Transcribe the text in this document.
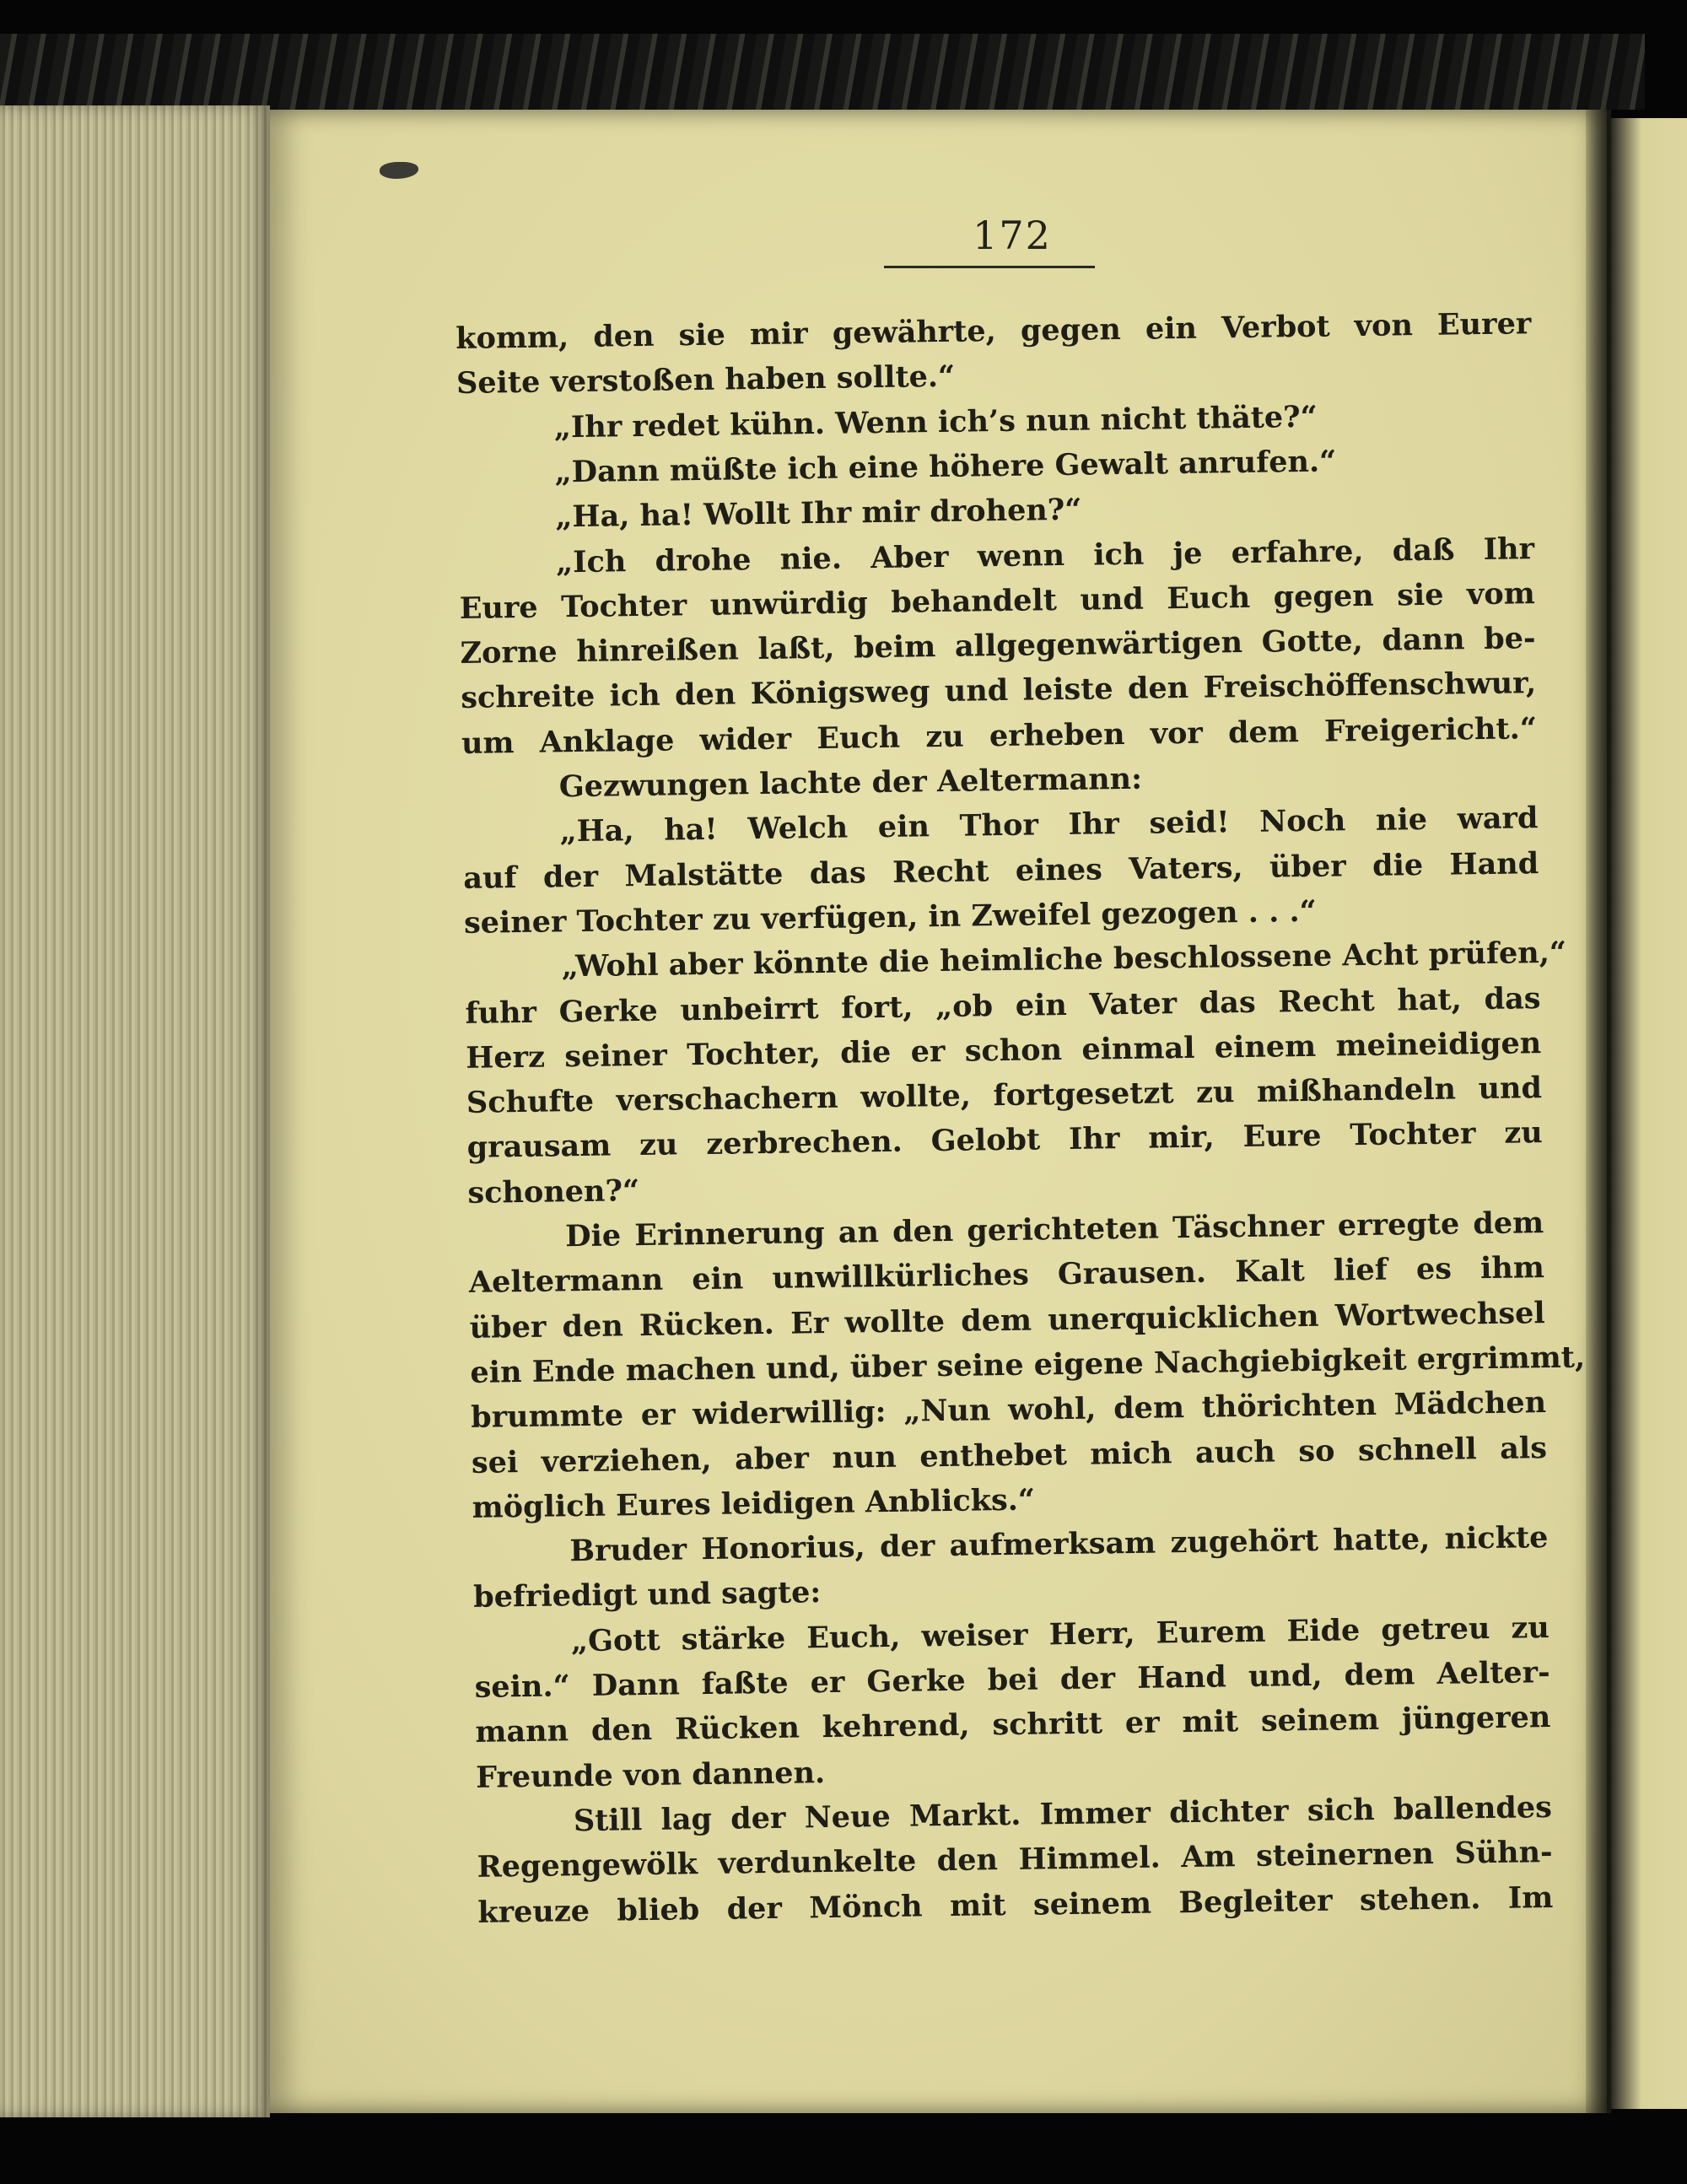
172
komm, den sie mir gewährte, gegen ein Verbot von Eurer
Seite verstoßen haben sollte.“
„Ihr redet kühn. Wenn ich’s nun nicht thäte?“
„Dann müßte ich eine höhere Gewalt anrufen.“
„Ha, ha! Wollt Ihr mir drohen?“
„Ich drohe nie. Aber wenn ich je erfahre, daß Ihr
Eure Tochter unwürdig behandelt und Euch gegen sie vom
Zorne hinreißen laßt, beim allgegenwärtigen Gotte, dann be-
schreite ich den Königsweg und leiste den Freischöffenschwur,
um Anklage wider Euch zu erheben vor dem Freigericht.“
Gezwungen lachte der Aeltermann:
„Ha, ha! Welch ein Thor Ihr seid! Noch nie ward
auf der Malstätte das Recht eines Vaters, über die Hand
seiner Tochter zu verfügen, in Zweifel gezogen . . .“
„Wohl aber könnte die heimliche beschlossene Acht prüfen,“
fuhr Gerke unbeirrt fort, „ob ein Vater das Recht hat, das
Herz seiner Tochter, die er schon einmal einem meineidigen
Schufte verschachern wollte, fortgesetzt zu mißhandeln und
grausam zu zerbrechen. Gelobt Ihr mir, Eure Tochter zu
schonen?“
Die Erinnerung an den gerichteten Täschner erregte dem
Aeltermann ein unwillkürliches Grausen. Kalt lief es ihm
über den Rücken. Er wollte dem unerquicklichen Wortwechsel
ein Ende machen und, über seine eigene Nachgiebigkeit ergrimmt,
brummte er widerwillig: „Nun wohl, dem thörichten Mädchen
sei verziehen, aber nun enthebet mich auch so schnell als
möglich Eures leidigen Anblicks.“
Bruder Honorius, der aufmerksam zugehört hatte, nickte
befriedigt und sagte:
„Gott stärke Euch, weiser Herr, Eurem Eide getreu zu
sein.“ Dann faßte er Gerke bei der Hand und, dem Aelter-
mann den Rücken kehrend, schritt er mit seinem jüngeren
Freunde von dannen.
Still lag der Neue Markt. Immer dichter sich ballendes
Regengewölk verdunkelte den Himmel. Am steinernen Sühn-
kreuze blieb der Mönch mit seinem Begleiter stehen. Im
